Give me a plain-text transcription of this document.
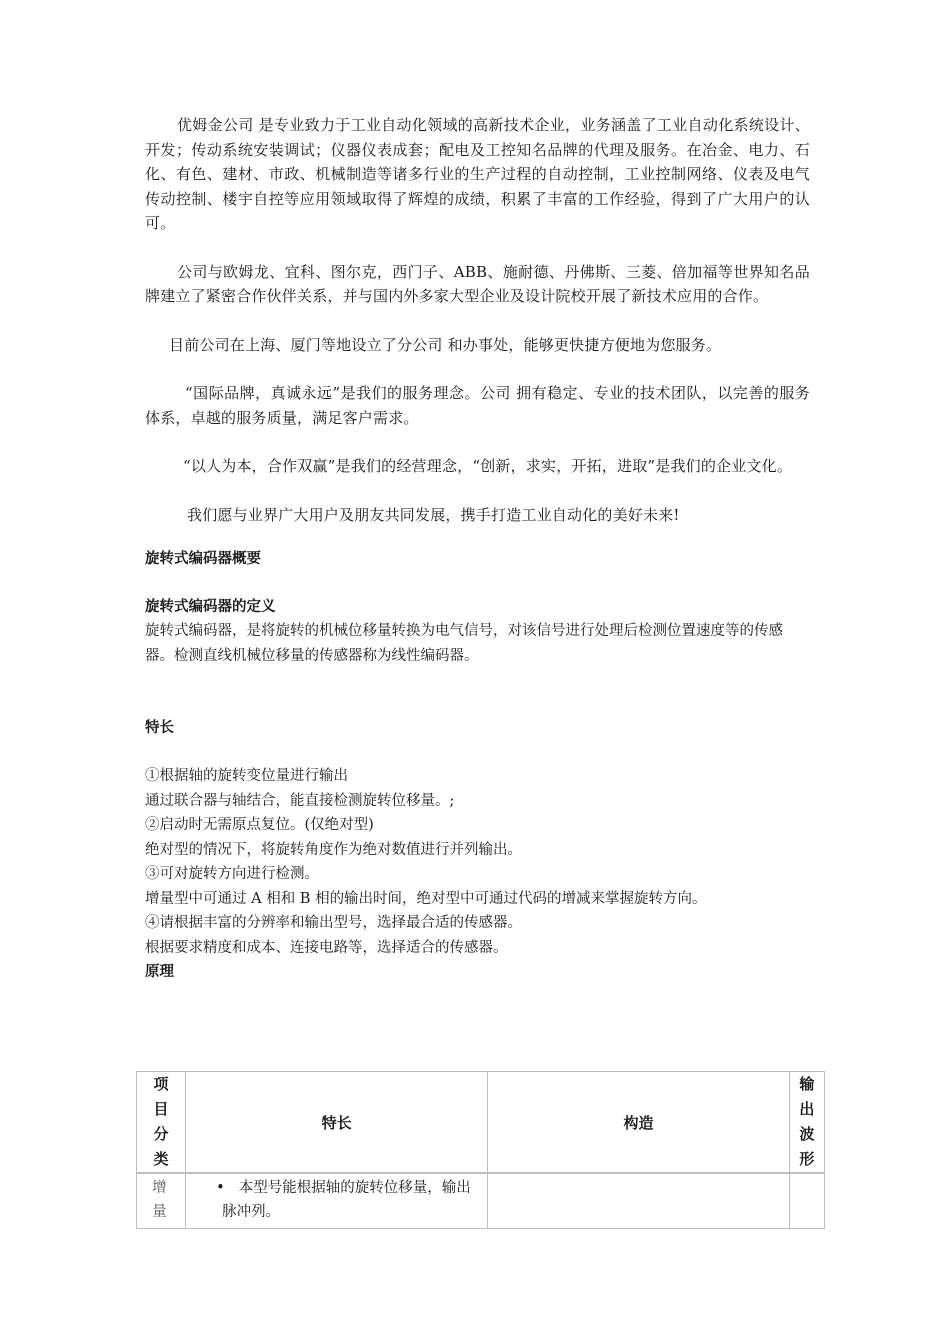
优姆金公司 是专业致力于工业自动化领域的高新技术企业，业务涵盖了工业自动化系统设计、开发；传动系统安装调试；仪器仪表成套；配电及工控知名品牌的代理及服务。在冶金、电力、石化、有色、建材、市政、机械制造等诸多行业的生产过程的自动控制，工业控制网络、仪表及电气传动控制、楼宇自控等应用领域取得了辉煌的成绩，积累了丰富的工作经验，得到了广大用户的认可。

公司与欧姆龙、宜科、图尔克，西门子、ABB、施耐德、丹佛斯、三菱、倍加福等世界知名品牌建立了紧密合作伙伴关系，并与国内外多家大型企业及设计院校开展了新技术应用的合作。

目前公司在上海、厦门等地设立了分公司 和办事处，能够更快捷方便地为您服务。

“国际品牌，真诚永远”是我们的服务理念。公司 拥有稳定、专业的技术团队，以完善的服务体系，卓越的服务质量，满足客户需求。

“以人为本，合作双赢”是我们的经营理念，“创新，求实，开拓，进取”是我们的企业文化。

我们愿与业界广大用户及朋友共同发展，携手打造工业自动化的美好未来!

旋转式编码器概要
旋转式编码器的定义

旋转式编码器，是将旋转的机械位移量转换为电气信号，对该信号进行处理后检测位置速度等的传感器。检测直线机械位移量的传感器称为线性编码器。

特长
①根据轴的旋转变位量进行输出
通过联合器与轴结合，能直接检测旋转位移量。;
②启动时无需原点复位。(仅绝对型)
绝对型的情况下，将旋转角度作为绝对数值进行并列输出。
③可对旋转方向进行检测。
增量型中可通过 A 相和 B 相的输出时间，绝对型中可通过代码的增减来掌握旋转方向。
④请根据丰富的分辨率和输出型号，选择最合适的传感器。
根据要求精度和成本、连接电路等，选择适合的传感器。
原理
项目分类	特长	构造	输出波形

增量	• 本型号能根据轴的旋转位移量，输出脉冲列。		
